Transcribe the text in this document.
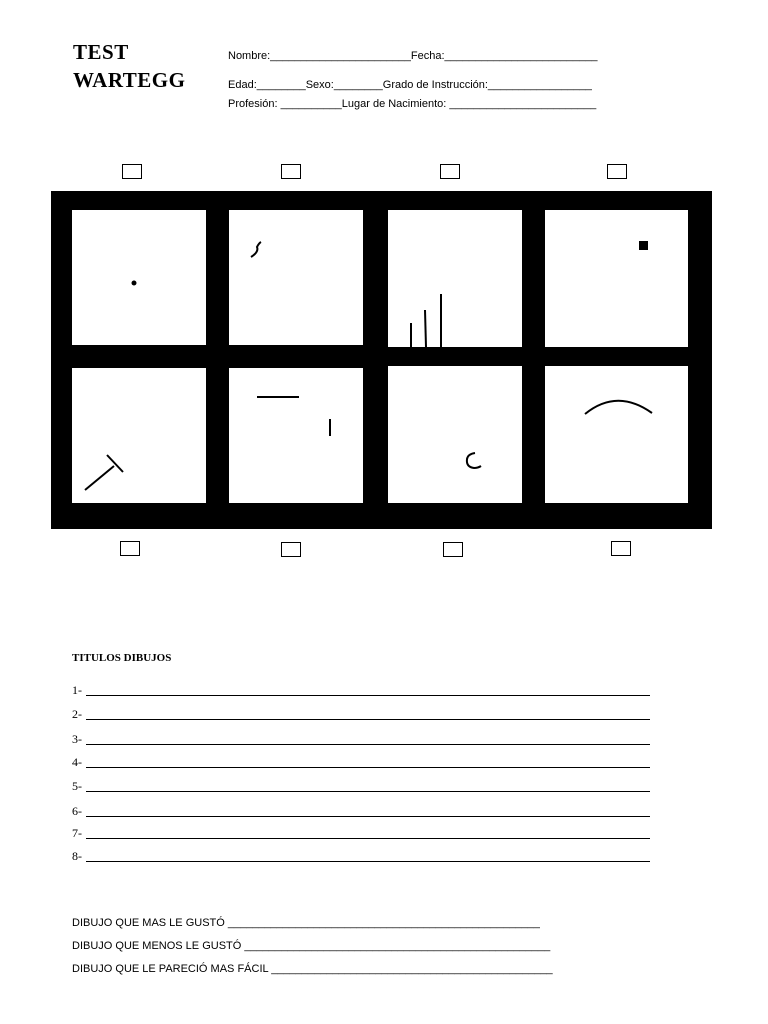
TEST
WARTEGG
Nombre:_______________________Fecha:_________________________
Edad:________Sexo:________Grado de Instrucción:_________________
Profesión: __________Lugar de Nacimiento: ________________________
TITULOS DIBUJOS
1-
2-
3-
4-
5-
6-
7-
8-
DIBUJO QUE MAS LE GUSTÓ ___________________________________________________
DIBUJO QUE MENOS LE GUSTÓ __________________________________________________
DIBUJO QUE LE PARECIÓ MAS FÁCIL ______________________________________________
